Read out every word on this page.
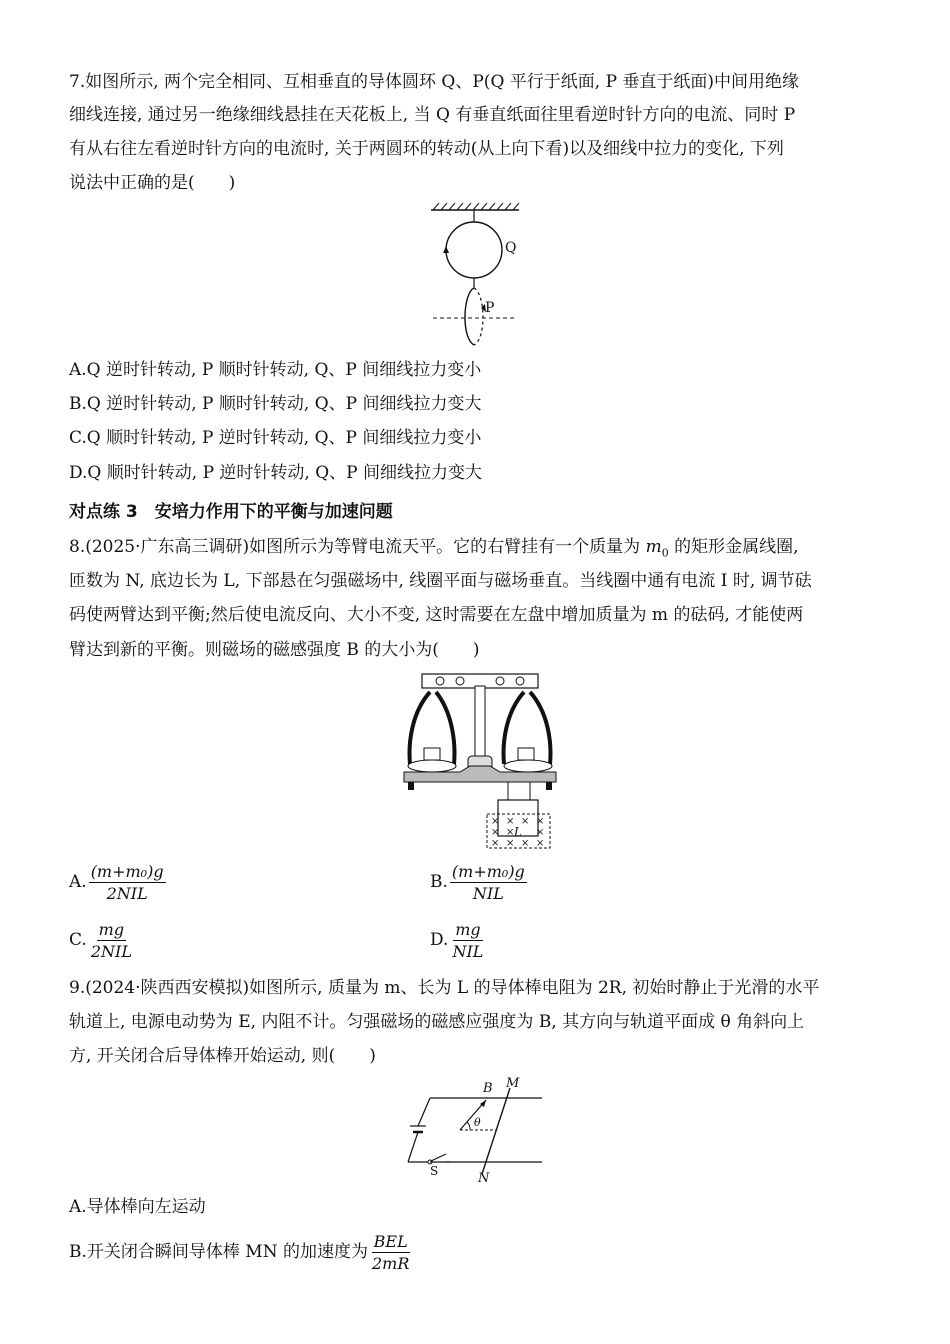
7.如图所示, 两个完全相同、互相垂直的导体圆环 Q、P(Q 平行于纸面, P 垂直于纸面)中间用绝缘
细线连接, 通过另一绝缘细线悬挂在天花板上, 当 Q 有垂直纸面往里看逆时针方向的电流、同时 P
有从右往左看逆时针方向的电流时, 关于两圆环的转动(从上向下看)以及细线中拉力的变化, 下列
说法中正确的是(　　)
Q
P
A.Q 逆时针转动, P 顺时针转动, Q、P 间细线拉力变小
B.Q 逆时针转动, P 顺时针转动, Q、P 间细线拉力变大
C.Q 顺时针转动, P 逆时针转动, Q、P 间细线拉力变小
D.Q 顺时针转动, P 逆时针转动, Q、P 间细线拉力变大
对点练 3　安培力作用下的平衡与加速问题
8.(2025·广东高三调研)如图所示为等臂电流天平。它的右臂挂有一个质量为 $m_0$ 的矩形金属线圈,
匝数为 N, 底边长为 L, 下部悬在匀强磁场中, 线圈平面与磁场垂直。当线圈中通有电流 I 时, 调节砝
码使两臂达到平衡;然后使电流反向、大小不变, 这时需要在左盘中增加质量为 m 的砝码, 才能使两
臂达到新的平衡。则磁场的磁感强度 B 的大小为(　　)
× × × ×
× × ×
× × × ×
L
A. $\frac{\text{(m+m₀)g}}{\text{2NIL}}$	B. $\frac{\text{(m+m₀)g}}{\text{NIL}}$
C. $\frac{mg}{\text{2NIL}}$	D. $\frac{mg}{\text{NIL}}$
9.(2024·陕西西安模拟)如图所示, 质量为 m、长为 L 的导体棒电阻为 2R, 初始时静止于光滑的水平
轨道上, 电源电动势为 E, 内阻不计。匀强磁场的磁感应强度为 B, 其方向与轨道平面成 θ 角斜向上
方, 开关闭合后导体棒开始运动, 则(　　)
S
M
N
B
θ
A.导体棒向左运动
B.开关闭合瞬间导体棒 MN 的加速度为 $\frac{\text{BEL}}{2mR}$
